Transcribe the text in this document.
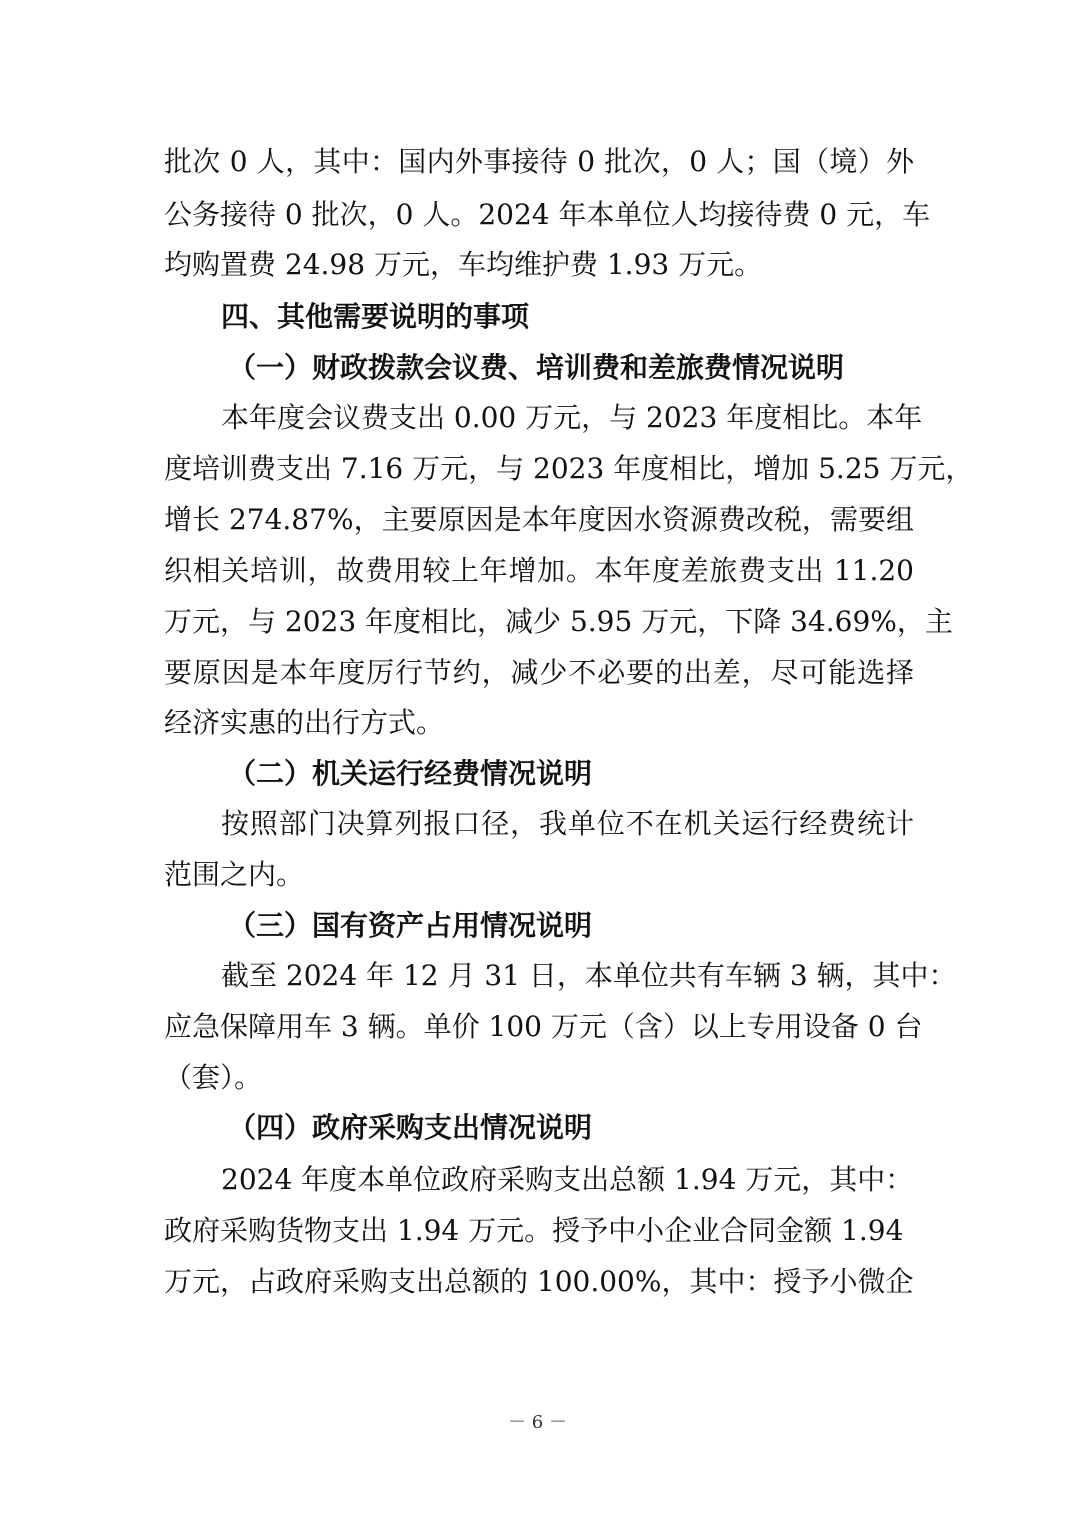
批次 0 人，其中：国内外事接待 0 批次，0 人；国（境）外
公务接待 0 批次，0 人。2024 年本单位人均接待费 0 元，车
均购置费 24.98 万元，车均维护费 1.93 万元。
四、其他需要说明的事项
（一）财政拨款会议费、培训费和差旅费情况说明
本年度会议费支出 0.00 万元，与 2023 年度相比。本年
度培训费支出 7.16 万元，与 2023 年度相比，增加 5.25 万元，
增长 274.87%，主要原因是本年度因水资源费改税，需要组
织相关培训，故费用较上年增加。本年度差旅费支出 11.20
万元，与 2023 年度相比，减少 5.95 万元，下降 34.69%，主
要原因是本年度厉行节约，减少不必要的出差，尽可能选择
经济实惠的出行方式。
（二）机关运行经费情况说明
按照部门决算列报口径，我单位不在机关运行经费统计
范围之内。
（三）国有资产占用情况说明
截至 2024 年 12 月 31 日，本单位共有车辆 3 辆，其中：
应急保障用车 3 辆。单价 100 万元（含）以上专用设备 0 台
（套）。
（四）政府采购支出情况说明
2024 年度本单位政府采购支出总额 1.94 万元，其中：
政府采购货物支出 1.94 万元。授予中小企业合同金额 1.94
万元，占政府采购支出总额的 100.00%，其中：授予小微企
－ 6 －
